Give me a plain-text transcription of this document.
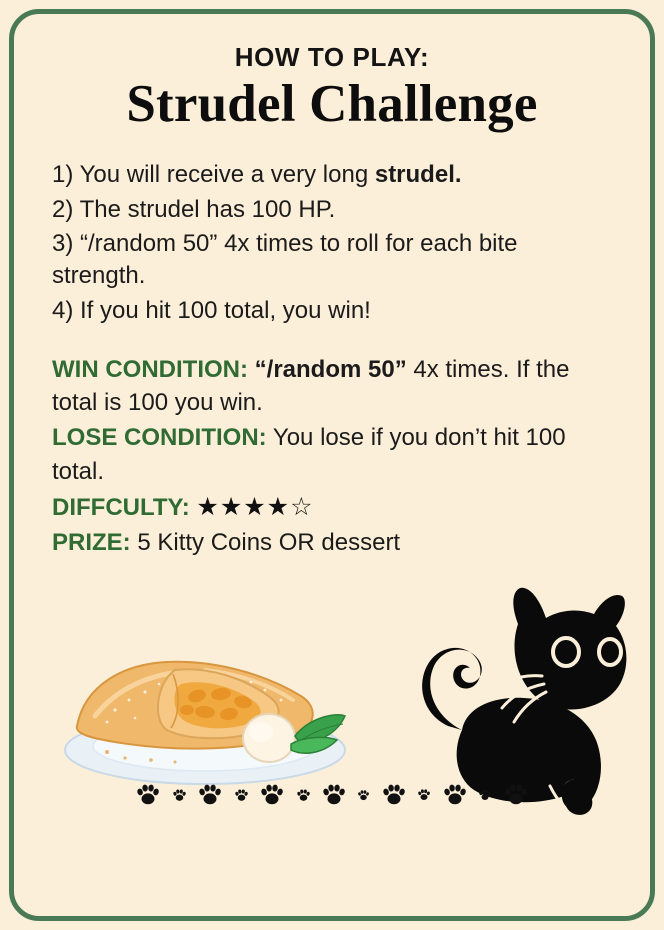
HOW TO PLAY:
Strudel Challenge
1) You will receive a very long strudel.
2) The strudel has 100 HP.
3) “/random 50” 4x times to roll for each bite strength.
4) If you hit 100 total, you win!
WIN CONDITION: “/random 50” 4x times. If the total is 100 you win.
LOSE CONDITION: You lose if you don’t hit 100 total.
DIFFCULTY: ★★★★☆
PRIZE: 5 Kitty Coins OR dessert
